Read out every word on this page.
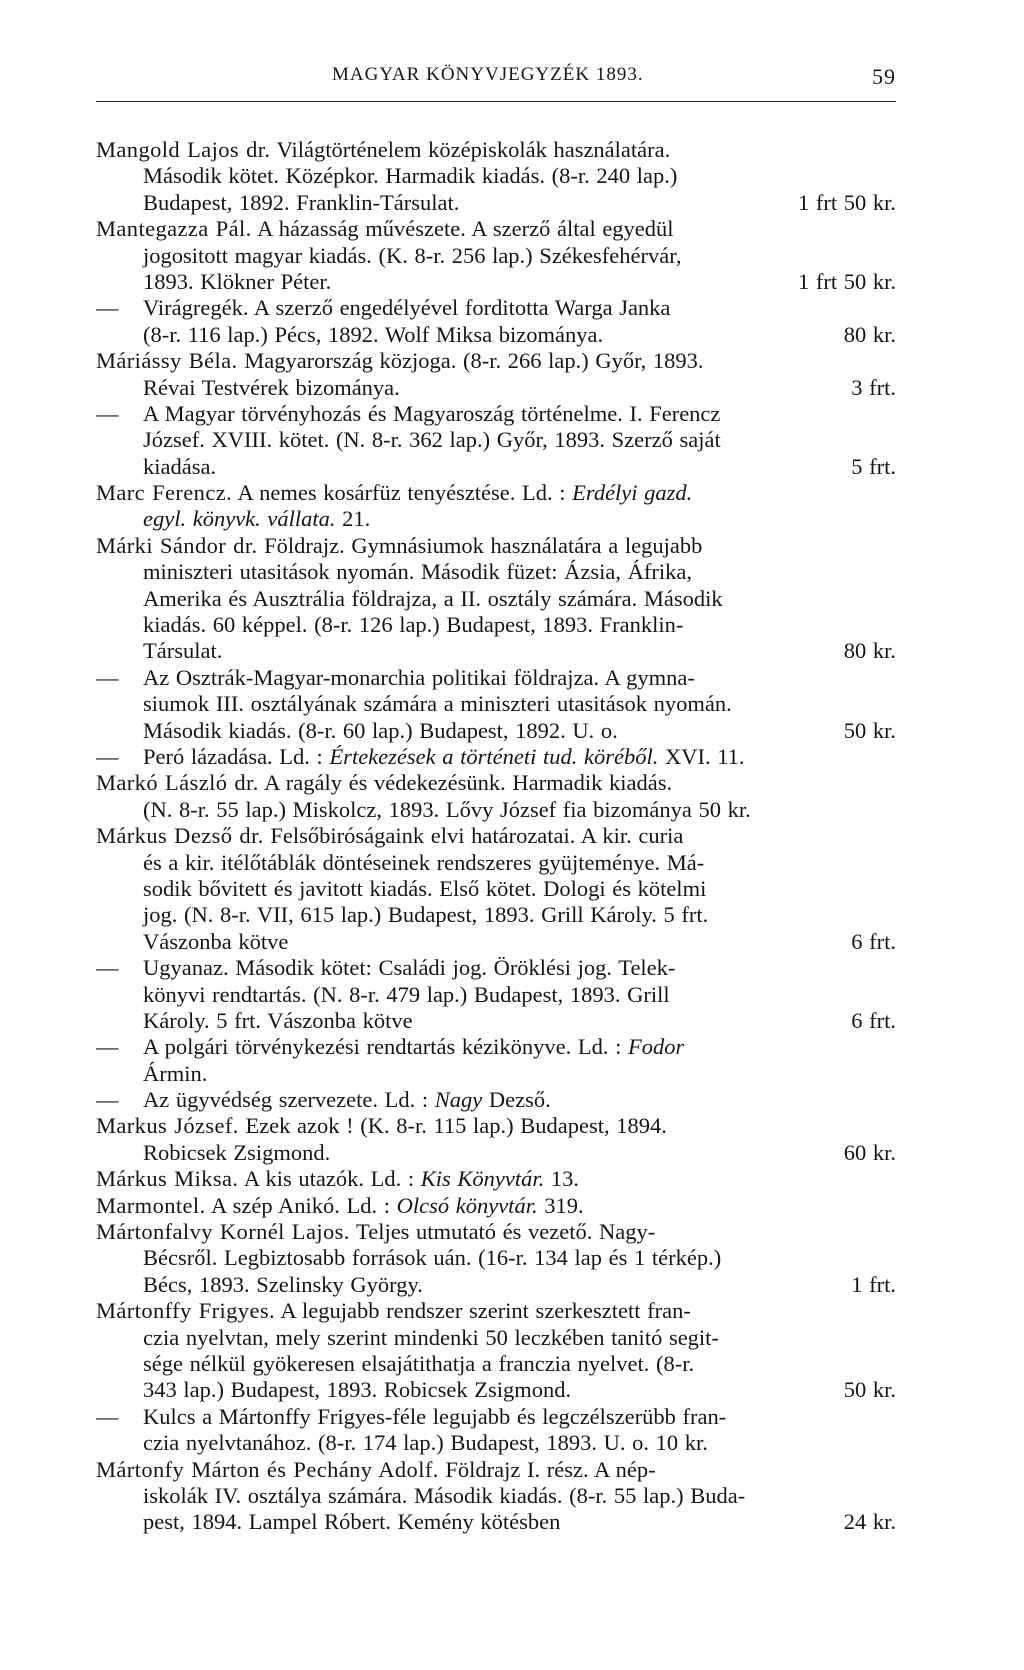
MAGYAR KÖNYVJEGYZÉK 1893.	59
Mangold Lajos dr. Világtörténelem középiskolák használatára.
Második kötet. Középkor. Harmadik kiadás. (8-r. 240 lap.)
Budapest, 1892. Franklin-Társulat.	1 frt 50 kr.
Mantegazza Pál. A házasság művészete. A szerző által egyedül
jogositott magyar kiadás. (K. 8-r. 256 lap.) Székesfehérvár,
1893. Klökner Péter.	1 frt 50 kr.
— Virágregék. A szerző engedélyével forditotta Warga Janka
(8-r. 116 lap.) Pécs, 1892. Wolf Miksa bizománya.	80 kr.
Máriássy Béla. Magyarország közjoga. (8-r. 266 lap.) Győr, 1893.
Révai Testvérek bizománya.	3 frt.
— A Magyar törvényhozás és Magyaroszág történelme. I. Ferencz
József. XVIII. kötet. (N. 8-r. 362 lap.) Győr, 1893. Szerző saját
kiadása.	5 frt.
Marc Ferencz. A nemes kosárfüz tenyésztése. Ld. : Erdélyi gazd.
egyl. könyvk. vállata. 21.
Márki Sándor dr. Földrajz. Gymnásiumok használatára a legujabb
miniszteri utasitások nyomán. Második füzet: Ázsia, Áfrika,
Amerika és Ausztrália földrajza, a II. osztály számára. Második
kiadás. 60 képpel. (8-r. 126 lap.) Budapest, 1893. Franklin-
Társulat.	80 kr.
— Az Osztrák-Magyar-monarchia politikai földrajza. A gymna-
siumok III. osztályának számára a miniszteri utasitások nyomán.
Második kiadás. (8-r. 60 lap.) Budapest, 1892. U. o.	50 kr.
— Peró lázadása. Ld. : Értekezések a történeti tud. köréből. XVI. 11.
Markó László dr. A ragály és védekezésünk. Harmadik kiadás.
(N. 8-r. 55 lap.) Miskolcz, 1893. Lővy József fia bizománya 50 kr.
Márkus Dezső dr. Felsőbiróságaink elvi határozatai. A kir. curia
és a kir. itélőtáblák döntéseinek rendszeres gyüjteménye. Má-
sodik bővitett és javitott kiadás. Első kötet. Dologi és kötelmi
jog. (N. 8-r. VII, 615 lap.) Budapest, 1893. Grill Károly. 5 frt.
Vászonba kötve	6 frt.
— Ugyanaz. Második kötet: Családi jog. Öröklési jog. Telek-
könyvi rendtartás. (N. 8-r. 479 lap.) Budapest, 1893. Grill
Károly. 5 frt. Vászonba kötve	6 frt.
— A polgári törvénykezési rendtartás kézikönyve. Ld. : Fodor
Ármin.
— Az ügyvédség szervezete. Ld. : Nagy Dezső.
Markus József. Ezek azok ! (K. 8-r. 115 lap.) Budapest, 1894.
Robicsek Zsigmond.	60 kr.
Márkus Miksa. A kis utazók. Ld. : Kis Könyvtár. 13.
Marmontel. A szép Anikó. Ld. : Olcsó könyvtár. 319.
Mártonfalvy Kornél Lajos. Teljes utmutató és vezető. Nagy-
Bécsről. Legbiztosabb források uán. (16-r. 134 lap és 1 térkép.)
Bécs, 1893. Szelinsky György.	1 frt.
Mártonffy Frigyes. A legujabb rendszer szerint szerkesztett fran-
czia nyelvtan, mely szerint mindenki 50 leczkében tanitó segit-
sége nélkül gyökeresen elsajátithatja a franczia nyelvet. (8-r.
343 lap.) Budapest, 1893. Robicsek Zsigmond.	50 kr.
— Kulcs a Mártonffy Frigyes-féle legujabb és legczélszerübb fran-
czia nyelvtanához. (8-r. 174 lap.) Budapest, 1893. U. o. 10 kr.
Mártonfy Márton és Pechány Adolf. Földrajz I. rész. A nép-
iskolák IV. osztálya számára. Második kiadás. (8-r. 55 lap.) Buda-
pest, 1894. Lampel Róbert. Kemény kötésben	24 kr.
